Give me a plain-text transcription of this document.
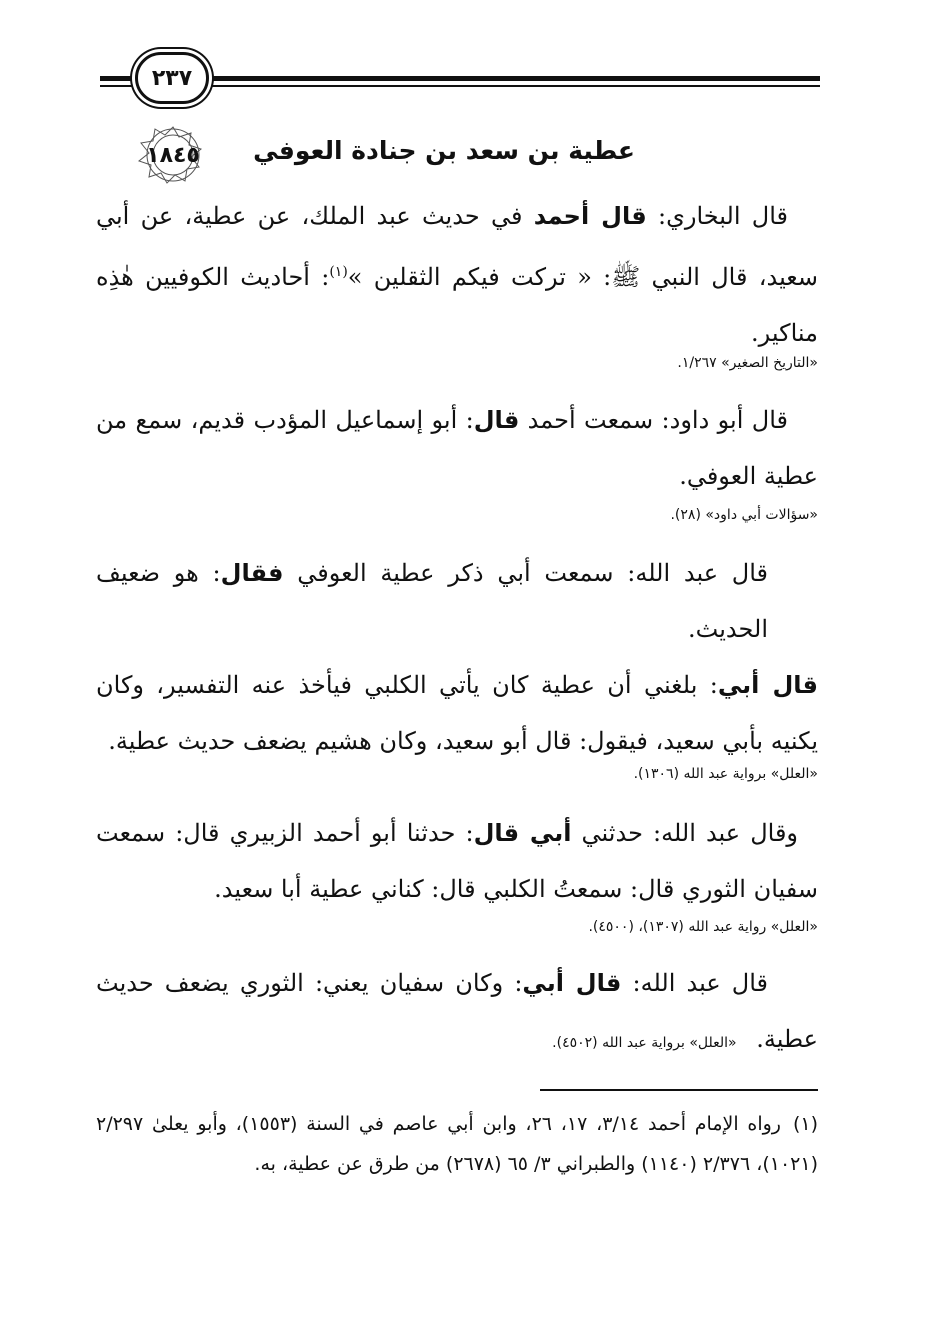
٢٣٧
١٨٤٥ عطية بن سعد بن جنادة العوفي
قال البخاري: قال أحمد في حديث عبد الملك، عن عطية، عن أبي سعيد، قال النبي ﷺ: « تركت فيكم الثقلين »$^{(١)}$: أحاديث الكوفيين هٰذِه مناكير.
«التاريخ الصغير» ١/٢٦٧.
قال أبو داود: سمعت أحمد قال: أبو إسماعيل المؤدب قديم، سمع من عطية العوفي.
«سؤالات أبي داود» (٢٨).
قال عبد الله: سمعت أبي ذكر عطية العوفي فقال: هو ضعيف الحديث.
قال أبي: بلغني أن عطية كان يأتي الكلبي فيأخذ عنه التفسير، وكان يكنيه بأبي سعيد، فيقول: قال أبو سعيد، وكان هشيم يضعف حديث عطية.
«العلل» برواية عبد الله (١٣٠٦).
وقال عبد الله: حدثني أبي قال: حدثنا أبو أحمد الزبيري قال: سمعت سفيان الثوري قال: سمعتُ الكلبي قال: كناني عطية أبا سعيد.
«العلل» رواية عبد الله (١٣٠٧)، (٤٥٠٠).
قال عبد الله: قال أبي: وكان سفيان يعني: الثوري يضعف حديث عطية. «العلل» برواية عبد الله (٤٥٠٢).
(١)رواه الإمام أحمد ٣/١٤، ١٧، ٢٦، وابن أبي عاصم في السنة (١٥٥٣)، وأبو يعلىٰ ٢/٢٩٧ (١٠٢١)، ٢/٣٧٦ (١١٤٠) والطبراني ٣/ ٦٥ (٢٦٧٨) من طرق عن عطية، به.
